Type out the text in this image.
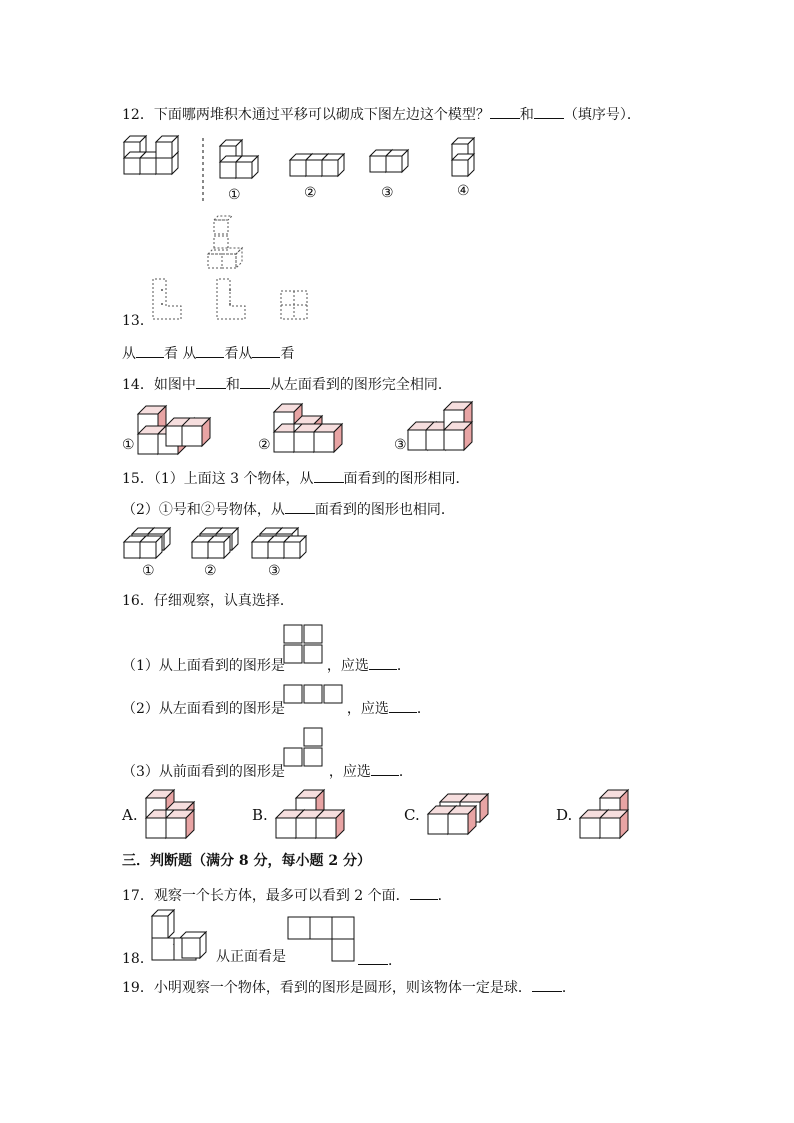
12．下面哪两堆积木通过平移可以砌成下图左边这个模型？ 和 （填序号）．
①	②	③	④
13．
从 看 从 看从 看
14．如图中 和 从左面看到的图形完全相同．
①	②	③
15．（1）上面这 3 个物体，从 面看到的图形相同．
（2）①号和②号物体，从 面看到的图形也相同．
①	②	③
16．仔细观察，认真选择．
（1）从上面看到的图形是	，应选 ．
（2）从左面看到的图形是	，应选 ．
（3）从前面看到的图形是	，应选 ．
A.	B.	C.	D.
三．判断题（满分 8 分，每小题 2 分）
17．观察一个长方体，最多可以看到 2 个面． ．
18．	从正面看是	．
19．小明观察一个物体，看到的图形是圆形，则该物体一定是球． ．
